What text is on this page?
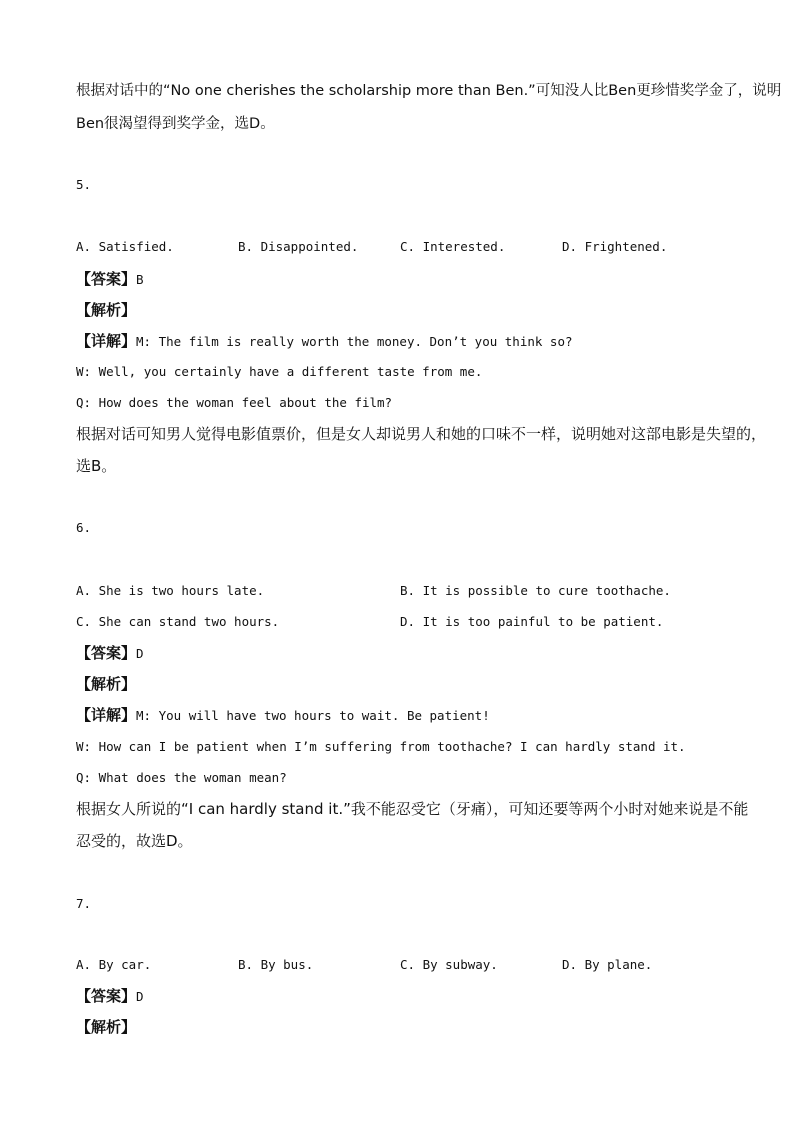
根据对话中的“No one cherishes the scholarship more than Ben.”可知没人比Ben更珍惜奖学金了，说明
Ben很渴望得到奖学金，选D。
5.
A. Satisfied.	B. Disappointed.	C. Interested.	D. Frightened.
【答案】B
【解析】
【详解】M: The film is really worth the money. Don’t you think so?
W: Well, you certainly have a different taste from me.
Q: How does the woman feel about the film?
根据对话可知男人觉得电影值票价，但是女人却说男人和她的口味不一样，说明她对这部电影是失望的，
选B。
6.
A. She is two hours late.	B. It is possible to cure toothache.
C. She can stand two hours.	D. It is too painful to be patient.
【答案】D
【解析】
【详解】M: You will have two hours to wait. Be patient!
W: How can I be patient when I’m suffering from toothache? I can hardly stand it.
Q: What does the woman mean?
根据女人所说的“I can hardly stand it.”我不能忍受它（牙痛），可知还要等两个小时对她来说是不能
忍受的，故选D。
7.
A. By car.	B. By bus.	C. By subway.	D. By plane.
【答案】D
【解析】
